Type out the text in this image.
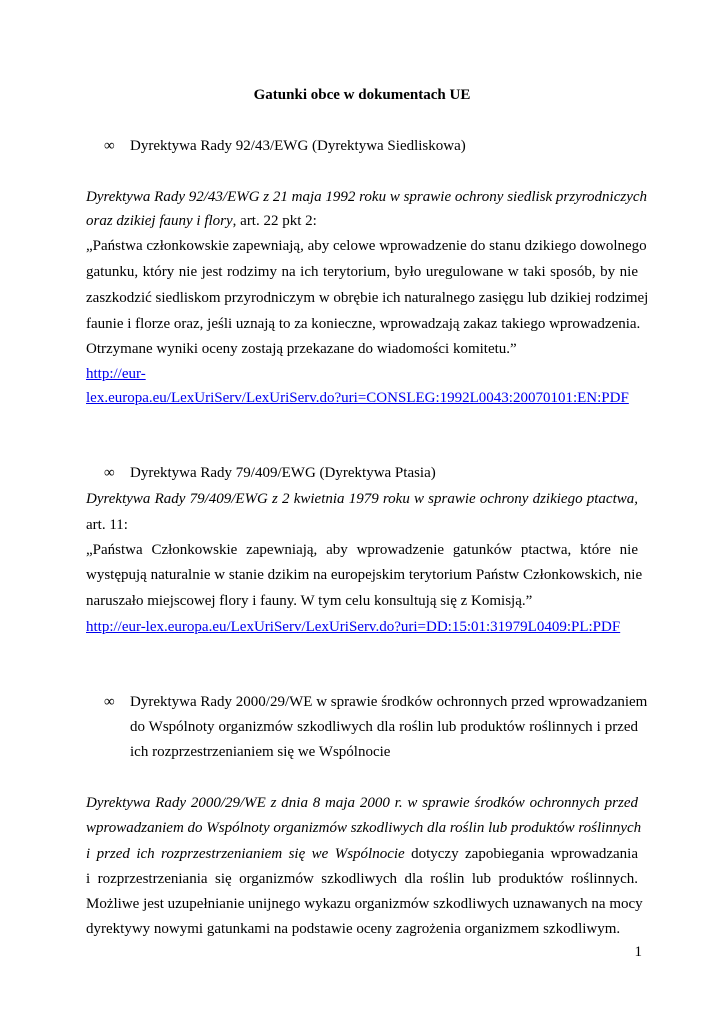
Gatunki obce w dokumentach UE
∞	Dyrektywa Rady 92/43/EWG (Dyrektywa Siedliskowa)
Dyrektywa Rady 92/43/EWG z 21 maja 1992 roku w sprawie ochrony siedlisk przyrodniczych
oraz dzikiej fauny i flory, art. 22 pkt 2:
„Państwa członkowskie zapewniają, aby celowe wprowadzenie do stanu dzikiego dowolnego
gatunku, który nie jest rodzimy na ich terytorium, było uregulowane w taki sposób, by nie
zaszkodzić siedliskom przyrodniczym w obrębie ich naturalnego zasięgu lub dzikiej rodzimej
faunie i florze oraz, jeśli uznają to za konieczne, wprowadzają zakaz takiego wprowadzenia.
Otrzymane wyniki oceny zostają przekazane do wiadomości komitetu.”
http://eur-
lex.europa.eu/LexUriServ/LexUriServ.do?uri=CONSLEG:1992L0043:20070101:EN:PDF
∞	Dyrektywa Rady 79/409/EWG (Dyrektywa Ptasia)
Dyrektywa Rady 79/409/EWG z 2 kwietnia 1979 roku w sprawie ochrony dzikiego ptactwa,
art. 11:
„Państwa Członkowskie zapewniają, aby wprowadzenie gatunków ptactwa, które nie
występują naturalnie w stanie dzikim na europejskim terytorium Państw Członkowskich, nie
naruszało miejscowej flory i fauny. W tym celu konsultują się z Komisją.”
http://eur-lex.europa.eu/LexUriServ/LexUriServ.do?uri=DD:15:01:31979L0409:PL:PDF
∞	Dyrektywa Rady 2000/29/WE w sprawie środków ochronnych przed wprowadzaniem
do Wspólnoty organizmów szkodliwych dla roślin lub produktów roślinnych i przed
ich rozprzestrzenianiem się we Wspólnocie
Dyrektywa Rady 2000/29/WE z dnia 8 maja 2000 r. w sprawie środków ochronnych przed
wprowadzaniem do Wspólnoty organizmów szkodliwych dla roślin lub produktów roślinnych
i przed ich rozprzestrzenianiem się we Wspólnocie dotyczy zapobiegania wprowadzania
i rozprzestrzeniania się organizmów szkodliwych dla roślin lub produktów roślinnych.
Możliwe jest uzupełnianie unijnego wykazu organizmów szkodliwych uznawanych na mocy
dyrektywy nowymi gatunkami na podstawie oceny zagrożenia organizmem szkodliwym.
1
